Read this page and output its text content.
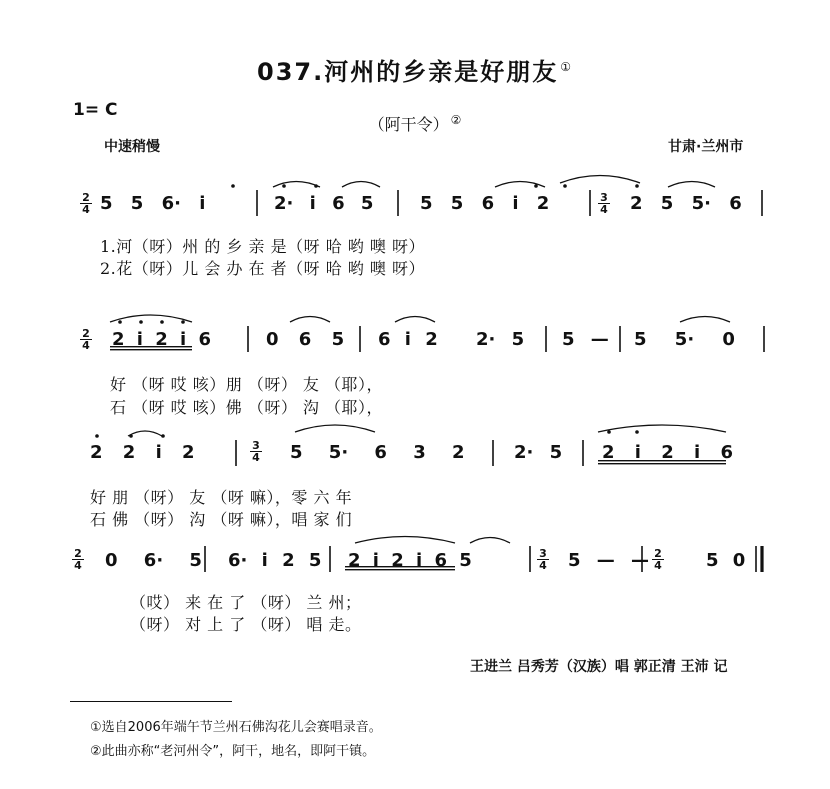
037.河州的乡亲是好朋友 ①
1= C
（阿干令） ②
中速稍慢	甘肃·兰州市
2
4
3
4
2
4
3
4
2
4
3
4
2
4
5 5 6· i	2· i 6 5	5 5 6 i 2	2 5 5· 6
1.河（呀）州 的 乡 亲 是（呀 哈 哟 噢 呀）
2.花（呀）儿 会 办 在 者（呀 哈 哟 噢 呀）
2 i 2 i 6	0 6 5 6 i 2 2· 5 5 — 5 5· 0
好 （呀 哎 咳）朋 （呀） 友 （耶），
石 （呀 哎 咳）佛 （呀） 沟 （耶），
2 2 i 2	5 5· 6 3 2	2· 5 2 i 2 i 6
好 朋 （呀） 友 （呀 嘛），零 六 年
石 佛 （呀） 沟 （呀 嘛），唱 家 们
0 6· 5 6· i 2 5 2 i 2 i 6 5	5 — —	5 0
（哎） 来 在 了 （呀） 兰 州；
（呀） 对 上 了 （呀） 唱 走。
王进兰 吕秀芳（汉族）唱 郭正清 王沛 记
①选自2006年端午节兰州石佛沟花儿会赛唱录音。
②此曲亦称“老河州令”，阿干，地名，即阿干镇。
